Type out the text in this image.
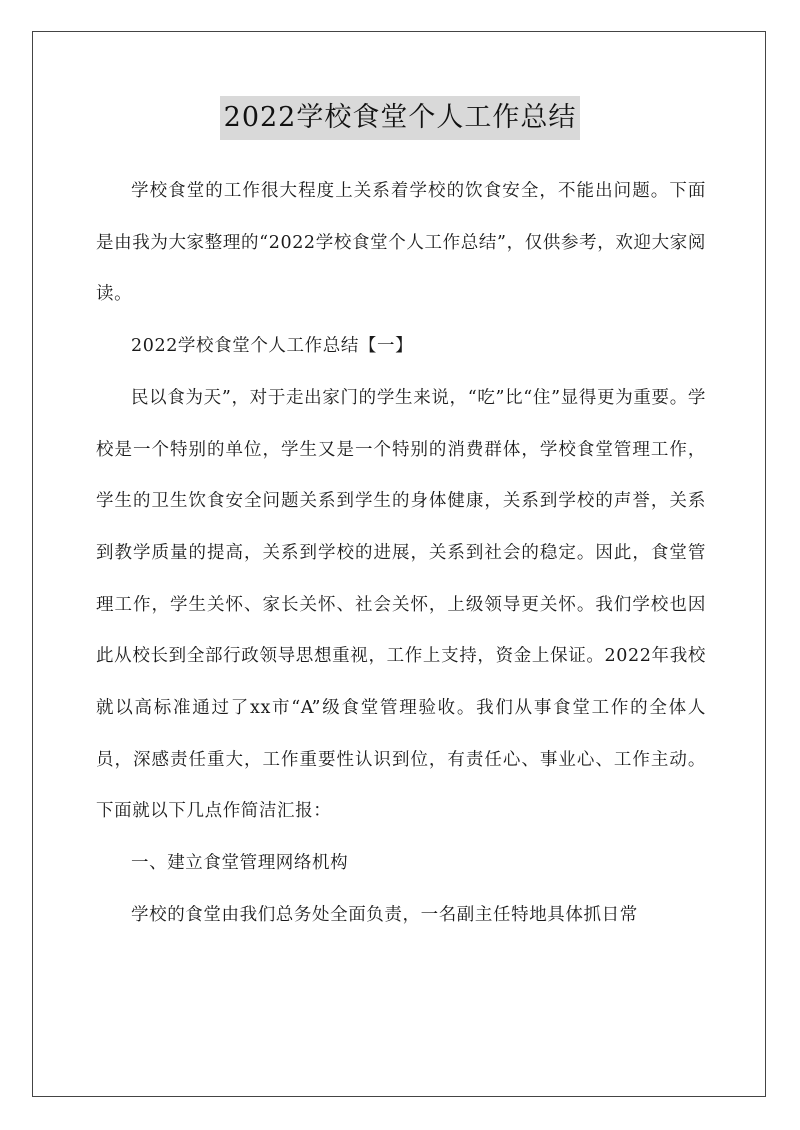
2022学校食堂个人工作总结

学校食堂的工作很大程度上关系着学校的饮食安全，不能出问题。下面是由我为大家整理的“2022学校食堂个人工作总结”，仅供参考，欢迎大家阅读。

2022学校食堂个人工作总结【一】

民以食为天”，对于走出家门的学生来说，“吃”比“住”显得更为重要。学校是一个特别的单位，学生又是一个特别的消费群体，学校食堂管理工作，学生的卫生饮食安全问题关系到学生的身体健康，关系到学校的声誉，关系到教学质量的提高，关系到学校的进展，关系到社会的稳定。因此，食堂管理工作，学生关怀、家长关怀、社会关怀，上级领导更关怀。我们学校也因此从校长到全部行政领导思想重视，工作上支持，资金上保证。2022年我校就以高标准通过了xx市“A”级食堂管理验收。我们从事食堂工作的全体人员，深感责任重大，工作重要性认识到位，有责任心、事业心、工作主动。下面就以下几点作简洁汇报：

一、建立食堂管理网络机构

学校的食堂由我们总务处全面负责，一名副主任特地具体抓日常
